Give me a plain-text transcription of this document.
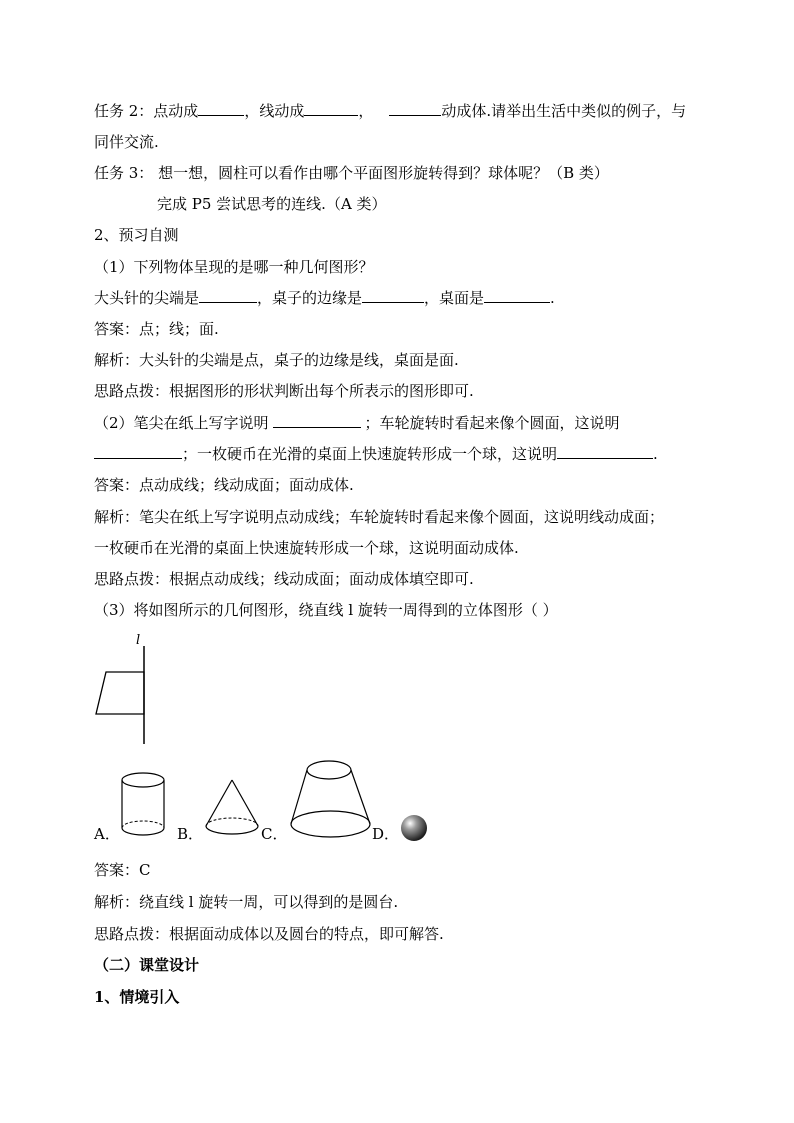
任务 2：点动成	，线动成	，	动成体.请举出生活中类似的例子，与
同伴交流.
任务 3： 想一想，圆柱可以看作由哪个平面图形旋转得到？球体呢？（B 类）
完成 P5 尝试思考的连线.（A 类）
2、预习自测
（1）下列物体呈现的是哪一种几何图形？
大头针的尖端是	，桌子的边缘是	，桌面是	.
答案：点；线；面.
解析：大头针的尖端是点，桌子的边缘是线，桌面是面.
思路点拨：根据图形的形状判断出每个所表示的图形即可.
（2）笔尖在纸上写字说明	；车轮旋转时看起来像个圆面，这说明
；一枚硬币在光滑的桌面上快速旋转形成一个球，这说明	.
答案：点动成线；线动成面；面动成体.
解析：笔尖在纸上写字说明点动成线；车轮旋转时看起来像个圆面，这说明线动成面；
一枚硬币在光滑的桌面上快速旋转形成一个球，这说明面动成体.
思路点拨：根据点动成线；线动成面；面动成体填空即可.
（3）将如图所示的几何图形，绕直线 l 旋转一周得到的立体图形（ ）
l
A．	B．	C．	D．
答案：C
解析：绕直线 l 旋转一周，可以得到的是圆台.
思路点拨：根据面动成体以及圆台的特点，即可解答.
（二）课堂设计
1、情境引入
